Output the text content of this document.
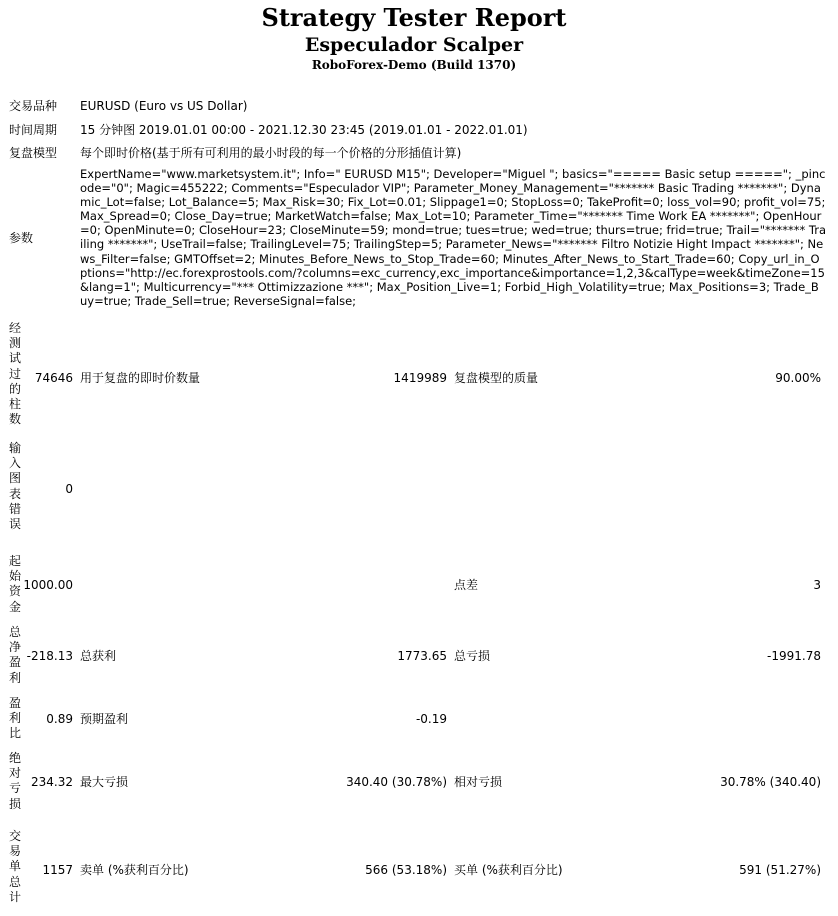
Strategy Tester Report
Especulador Scalper
RoboForex-Demo (Build 1370)
交易品种 EURUSD (Euro vs US Dollar)
时间周期 15 分钟图 2019.01.01 00:00 - 2021.12.30 23:45 (2019.01.01 - 2022.01.01)
复盘模型 每个即时价格(基于所有可利用的最小时段的每一个价格的分形插值计算)
参数
ExpertName="www.marketsystem.it"; Info=" EURUSD M15"; Developer="Miguel "; basics="===== Basic setup ====="; _pincode="0"; Magic=455222; Comments="Especulador VIP"; Parameter_Money_Management="******* Basic Trading *******"; Dynamic_Lot=false; Lot_Balance=5; Max_Risk=30; Fix_Lot=0.01; Slippage1=0; StopLoss=0; TakeProfit=0; loss_vol=90; profit_vol=75; Max_Spread=0; Close_Day=true; MarketWatch=false; Max_Lot=10; Parameter_Time="******* Time Work EA *******"; OpenHour=0; OpenMinute=0; CloseHour=23; CloseMinute=59; mond=true; tues=true; wed=true; thurs=true; frid=true; Trail="******* Trailing *******"; UseTrail=false; TrailingLevel=75; TrailingStep=5; Parameter_News="******* Filtro Notizie Hight Impact *******"; News_Filter=false; GMTOffset=2; Minutes_Before_News_to_Stop_Trade=60; Minutes_After_News_to_Start_Trade=60; Copy_url_in_Options="http://ec.forexprostools.com/?columns=exc_currency,exc_importance&importance=1,2,3&calType=week&timeZone=15&lang=1"; Multicurrency="*** Ottimizzazione ***"; Max_Position_Live=1; Forbid_High_Volatility=true; Max_Positions=3; Trade_Buy=true; Trade_Sell=true; ReverseSignal=false;
经测试过的柱数
74646 用于复盘的即时价数量	1419989 复盘模型的质量	90.00%
输入图表错误
0
起始资金
1000.00	点差	3
总净盈利
-218.13 总获利	1773.65 总亏损	-1991.78
盈利比
0.89 预期盈利	-0.19
绝对亏损
234.32 最大亏损	340.40 (30.78%) 相对亏损	30.78% (340.40)
交易单总计
1157 卖单 (%获利百分比)	566 (53.18%) 买单 (%获利百分比)	591 (51.27%)
